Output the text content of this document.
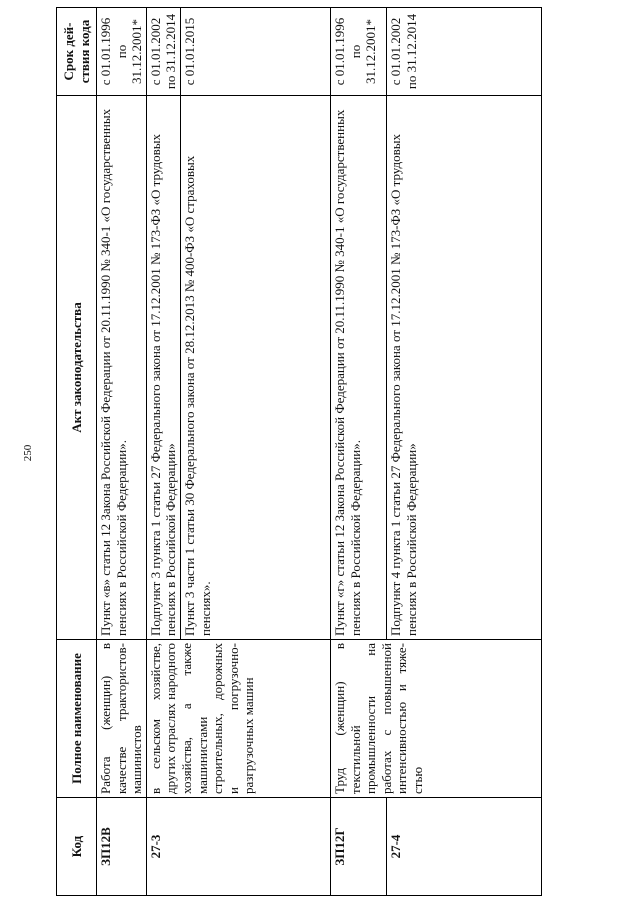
250
Код	Полное наименование	Акт законодательства	Срок действия кода
ЗП12В	Работа (женщин) в качестве трактористов-машинистов	Пункт «в» статьи 12 Закона Российской Федерации от 20.11.1990 № 340-1 «О государственных пенсиях в Российской Федерации».	с 01.01.1996 по 31.12.2001*
27-3	в сельском хозяйстве, других отраслях народного хозяйства, а также машинистами строительных, дорожных и погрузочно-разгрузочных машин	Подпункт 3 пункта 1 статьи 27 Федерального закона от 17.12.2001 № 173-ФЗ «О трудовых пенсиях в Российской Федерации»	с 01.01.2002 по 31.12.2014
		Пункт 3 части 1 статьи 30 Федерального закона от 28.12.2013 № 400-ФЗ «О страховых пенсиях».	с 01.01.2015
ЗП12Г	Труд (женщин) в текстильной промышленности на работах с повышенной интенсивностью и тяжестью	Пункт «г» статьи 12 Закона Российской Федерации от 20.11.1990 № 340-1 «О государственных пенсиях в Российской Федерации».	с 01.01.1996 по 31.12.2001*
27-4		Подпункт 4 пункта 1 статьи 27 Федерального закона от 17.12.2001 № 173-ФЗ «О трудовых пенсиях в Российской Федерации»	с 01.01.2002 по 31.12.2014
